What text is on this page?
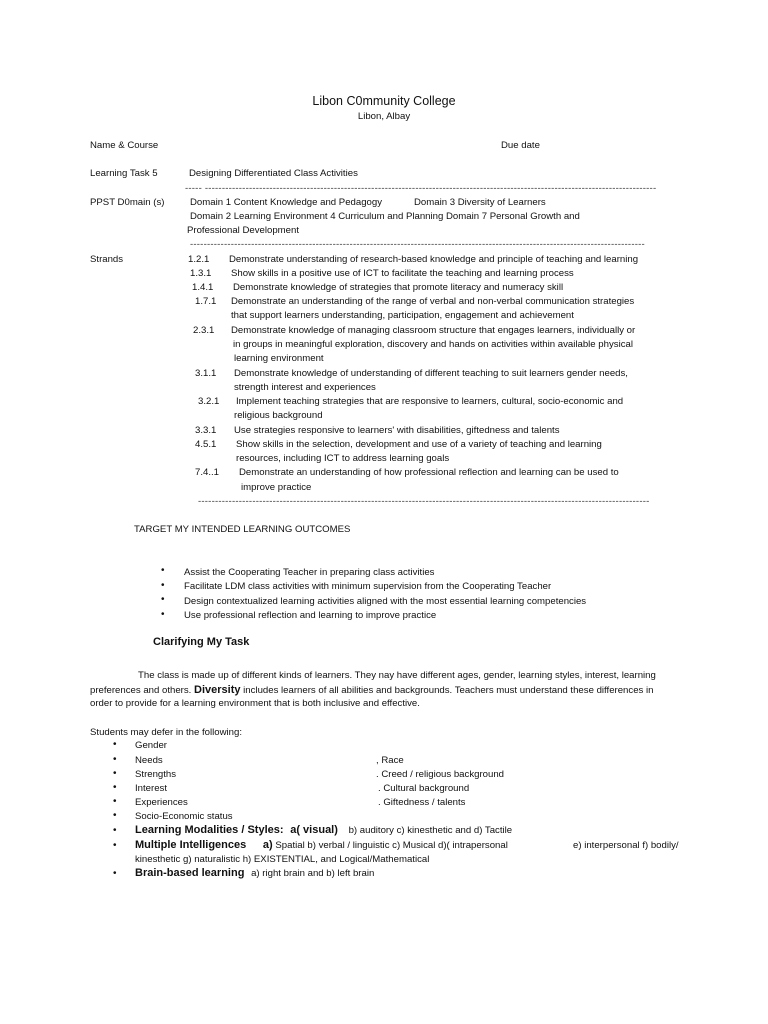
Libon C0mmunity College
Libon, Albay
Name & Course	Due date
Learning Task 5	Designing Differentiated Class Activities
----- -------------------------------------------------------------------------------------------------------------------------------------
PPST D0main (s)	Domain 1 Content Knowledge and Pedagogy	Domain 3 Diversity of Learners
Domain 2 Learning Environment 4 Curriculum and Planning Domain 7 Personal Growth and
Professional Development
--------------------------------------------------------------------------------------------------------------------------------------
Strands	1.2.1 Demonstrate understanding of research-based knowledge and principle of teaching and learning
1.3.1 Show skills in a positive use of ICT to facilitate the teaching and learning process
1.4.1 Demonstrate knowledge of strategies that promote literacy and numeracy skill
1.7.1 Demonstrate an understanding of the range of verbal and non-verbal communication strategies
that support learners understanding, participation, engagement and achievement
2.3.1 Demonstrate knowledge of managing classroom structure that engages learners, individually or
in groups in meaningful exploration, discovery and hands on activities within available physical
learning environment
3.1.1 Demonstrate knowledge of understanding of different teaching to suit learners gender needs,
strength interest and experiences
3.2.1 Implement teaching strategies that are responsive to learners, cultural, socio-economic and
religious background
3.3.1 Use strategies responsive to learners' with disabilities, giftedness and talents
4.5.1 Show skills in the selection, development and use of a variety of teaching and learning
resources, including ICT to address learning goals
7.4..1 Demonstrate an understanding of how professional reflection and learning can be used to
improve practice
-------------------------------------------------------------------------------------------------------------------------------------
TARGET MY INTENDED LEARNING OUTCOMES
• Assist the Cooperating Teacher in preparing class activities
• Facilitate LDM class activities with minimum supervision from the Cooperating Teacher
• Design contextualized learning activities aligned with the most essential learning competencies
• Use professional reflection and learning to improve practice
Clarifying My Task
The class is made up of different kinds of learners. They nay have different ages, gender, learning styles, interest, learning
preferences and others. Diversity includes learners of all abilities and backgrounds. Teachers must understand these differences in
order to provide for a learning environment that is both inclusive and effective.
Students may defer in the following:
• Gender
• Needs	, Race
• Strengths	. Creed / religious background
• Interest	. Cultural background
• Experiences	. Giftedness / talents
• Socio-Economic status
• Learning Modalities / Styles: a( visual) b) auditory c) kinesthetic and d) Tactile
• Multiple Intelligences a) Spatial b) verbal / linguistic c) Musical d)( intrapersonal	e) interpersonal f) bodily/
kinesthetic g) naturalistic h) EXISTENTIAL, and Logical/Mathematical
• Brain-based learning a) right brain and b) left brain
